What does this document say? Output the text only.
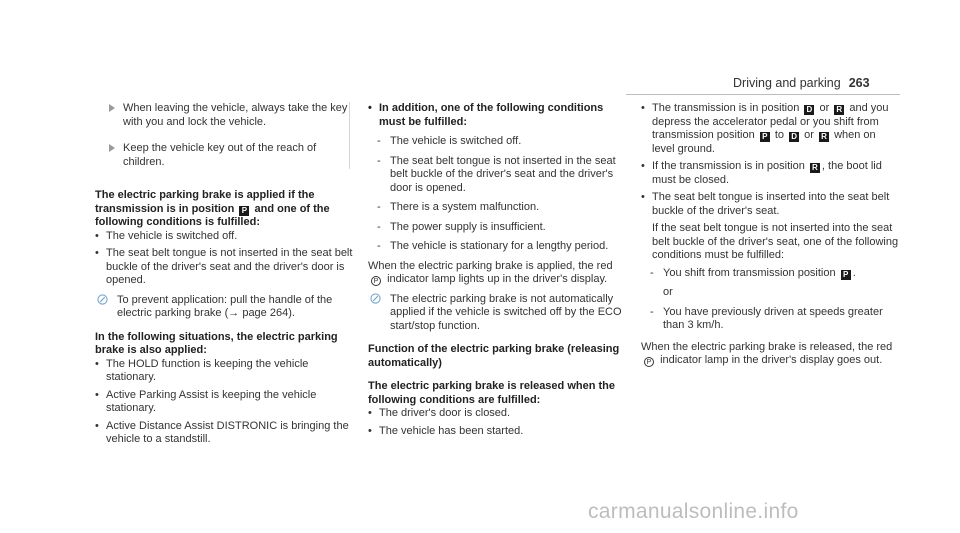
Driving and parking 263
When leaving the vehicle, always take the key with you and lock the vehicle.
Keep the vehicle key out of the reach of children.

The electric parking brake is applied if the transmission is in position P and one of the following conditions is fulfilled:

• The vehicle is switched off.
• The seat belt tongue is not inserted in the seat belt buckle of the driver's seat and the driver's door is opened.
To prevent application: pull the handle of the electric parking brake (→ page 264).

In the following situations, the electric parking brake is also applied:

• The HOLD function is keeping the vehicle stationary.
• Active Parking Assist is keeping the vehicle stationary.
• Active Distance Assist DISTRONIC is bringing the vehicle to a standstill.
• In addition, one of the following conditions must be fulfilled:
- The vehicle is switched off.
- The seat belt tongue is not inserted in the seat belt buckle of the driver's seat and the driver's door is opened.
- There is a system malfunction.
- The power supply is insufficient.
- The vehicle is stationary for a lengthy period.
When the electric parking brake is applied, the red P indicator lamp lights up in the driver's display.
The electric parking brake is not automatically applied if the vehicle is switched off by the ECO start/stop function.

Function of the electric parking brake (releasing automatically)

The electric parking brake is released when the following conditions are fulfilled:

• The driver's door is closed.
• The vehicle has been started.
• The transmission is in position D or R and you depress the accelerator pedal or you shift from transmission position P to D or R when on level ground.
• If the transmission is in position R , the boot lid must be closed.
• The seat belt tongue is inserted into the seat belt buckle of the driver's seat.
If the seat belt tongue is not inserted into the seat belt buckle of the driver's seat, one of the following conditions must be fulfilled:
- You shift from transmission position P .
or
- You have previously driven at speeds greater than 3 km/h.
When the electric parking brake is released, the red P indicator lamp in the driver's display goes out.
carmanualsonline.info
